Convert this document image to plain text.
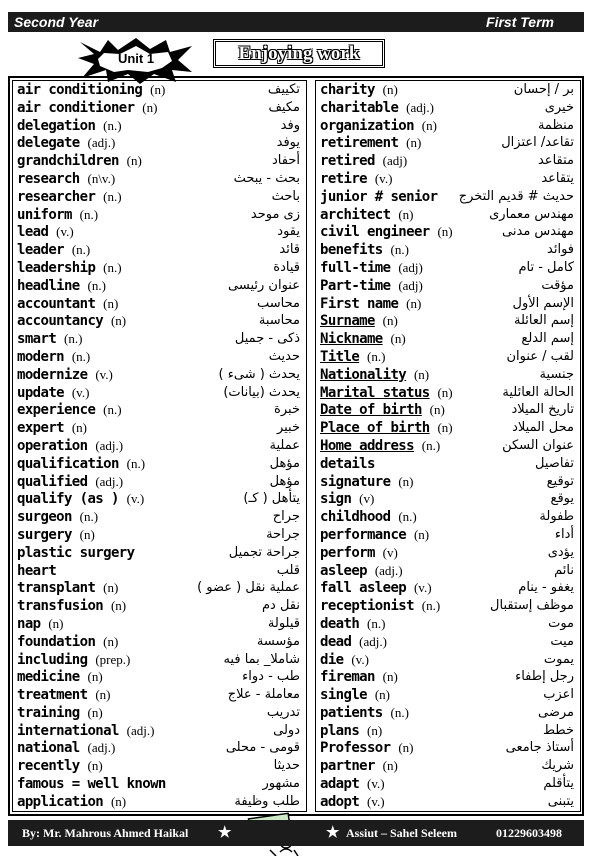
Second Year	First Term
Unit 1	Enjoying work
air conditioning (n)	تكييف
air conditioner (n)	مكيف
delegation (n.)	وفد
delegate (adj.)	يوفد
grandchildren (n)	أحفاد
research (n\v.)	بحث - يبحث
researcher (n.)	باحث
uniform (n.)	زى موحد
lead (v.)	يقود
leader (n.)	قائد
leadership (n.)	قيادة
headline (n.)	عنوان رئيسى
accountant (n)	محاسب
accountancy (n)	محاسبة
smart (n.)	ذكى - جميل
modern (n.)	حديث
modernize (v.)	يحدث ( شىء )
update (v.)	يحدث (بيانات)
experience (n.)	خبرة
expert (n)	خبير
operation (adj.)	عملية
qualification (n.)	مؤهل
qualified (adj.)	مؤهل
qualify (as ) (v.)	يتأهل ( كـ)
surgeon (n.)	جراح
surgery (n)	جراحة
plastic surgery	جراحة تجميل
heart	قلب
transplant (n)	عملية نقل ( عضو )
transfusion (n)	نقل دم
nap (n)	قيلولة
foundation (n)	مؤسسة
including (prep.)	شاملا_ بما فيه
medicine (n)	طب - دواء
treatment (n)	معاملة - علاج
training (n)	تدريب
international (adj.)	دولى
national (adj.)	قومى - محلى
recently (n)	حديثا
famous = well known	مشهور
application (n)	طلب وظيفة
charity (n)	بر / إحسان
charitable (adj.)	خيرى
organization (n)	منظمة
retirement (n)	تقاعد/ اعتزال
retired (adj)	متقاعد
retire (v.)	يتقاعد
junior # senior حديث # قديم التخرج
architect (n)	مهندس معمارى
civil engineer (n)	مهندس مدنى
benefits (n.)	فوائد
full-time (adj)	كامل - تام
Part-time (adj)	مؤقت
First name (n)	الإسم الأول
Surname (n)	إسم العائلة
Nickname (n)	إسم الدلع
Title (n.)	لقب / عنوان
Nationality (n)	جنسية
Marital status (n)	الحالة العائلية
Date of birth (n)	تاريخ الميلاد
Place of birth (n)	محل الميلاد
Home address (n.)	عنوان السكن
details	تفاصيل
signature (n)	توقيع
sign (v)	يوقع
childhood (n.)	طفولة
performance (n)	أداء
perform (v)	يؤدى
asleep (adj.)	نائم
fall asleep (v.)	يغفو - ينام
receptionist (n.)	موظف إستقبال
death (n.)	موت
dead (adj.)	ميت
die (v.)	يموت
fireman (n)	رجل إطفاء
single (n)	اعزب
patients (n.)	مرضى
plans (n)	خطط
Professor (n)	أستاذ جامعى
partner (n)	شريك
adapt (v.)	يتأقلم
adopt (v.)	يتبنى
By: Mr. Mahrous Ahmed Haikal ★	★ Assiut – Sahel Seleem	01229603498
